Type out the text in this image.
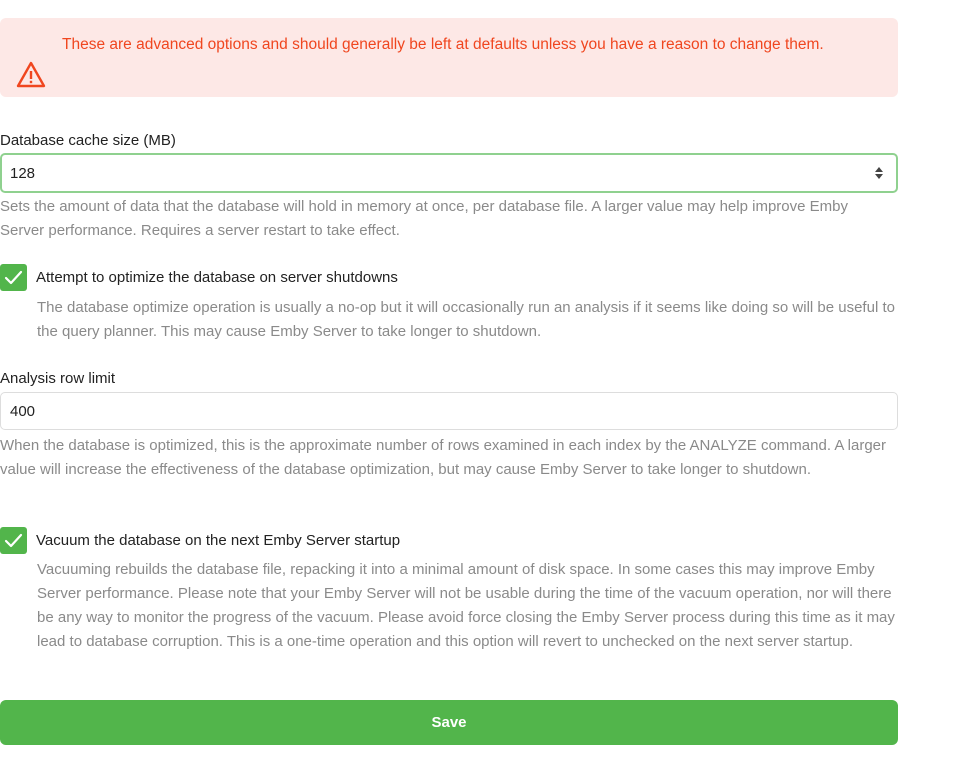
These are advanced options and should generally be left at defaults unless you have a reason to change them.
Database cache size (MB)
128
Sets the amount of data that the database will hold in memory at once, per database file. A larger value may help improve Emby Server performance. Requires a server restart to take effect.
Attempt to optimize the database on server shutdowns
The database optimize operation is usually a no-op but it will occasionally run an analysis if it seems like doing so will be useful to the query planner. This may cause Emby Server to take longer to shutdown.
Analysis row limit
400
When the database is optimized, this is the approximate number of rows examined in each index by the ANALYZE command. A larger value will increase the effectiveness of the database optimization, but may cause Emby Server to take longer to shutdown.
Vacuum the database on the next Emby Server startup
Vacuuming rebuilds the database file, repacking it into a minimal amount of disk space. In some cases this may improve Emby Server performance. Please note that your Emby Server will not be usable during the time of the vacuum operation, nor will there be any way to monitor the progress of the vacuum. Please avoid force closing the Emby Server process during this time as it may lead to database corruption. This is a one-time operation and this option will revert to unchecked on the next server startup.
Save
